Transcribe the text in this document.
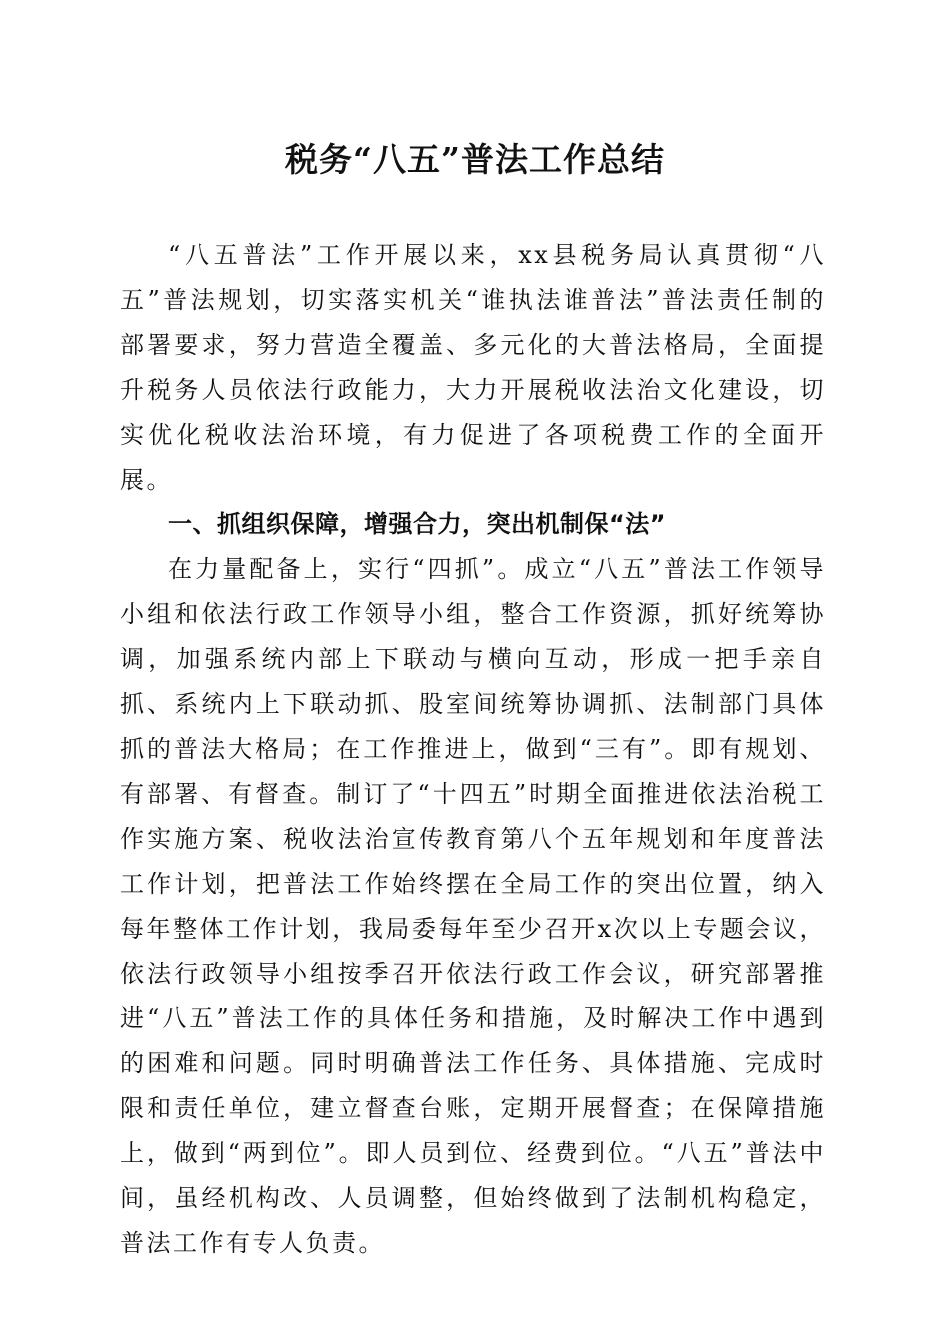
税务“八五”普法工作总结

“八五普法”工作开展以来，xx县税务局认真贯彻“八五”普法规划，切实落实机关“谁执法谁普法”普法责任制的部署要求，努力营造全覆盖、多元化的大普法格局，全面提升税务人员依法行政能力，大力开展税收法治文化建设，切实优化税收法治环境，有力促进了各项税费工作的全面开展。

一、抓组织保障，增强合力，突出机制保“法”

在力量配备上，实行“四抓”。成立“八五”普法工作领导小组和依法行政工作领导小组，整合工作资源，抓好统筹协调，加强系统内部上下联动与横向互动，形成一把手亲自抓、系统内上下联动抓、股室间统筹协调抓、法制部门具体抓的普法大格局；在工作推进上，做到“三有”。即有规划、有部署、有督查。制订了“十四五”时期全面推进依法治税工作实施方案、税收法治宣传教育第八个五年规划和年度普法工作计划，把普法工作始终摆在全局工作的突出位置，纳入每年整体工作计划，我局委每年至少召开x次以上专题会议，依法行政领导小组按季召开依法行政工作会议，研究部署推进“八五”普法工作的具体任务和措施，及时解决工作中遇到的困难和问题。同时明确普法工作任务、具体措施、完成时限和责任单位，建立督查台账，定期开展督查；在保障措施上，做到“两到位”。即人员到位、经费到位。“八五”普法中间，虽经机构改、人员调整，但始终做到了法制机构稳定，普法工作有专人负责。
